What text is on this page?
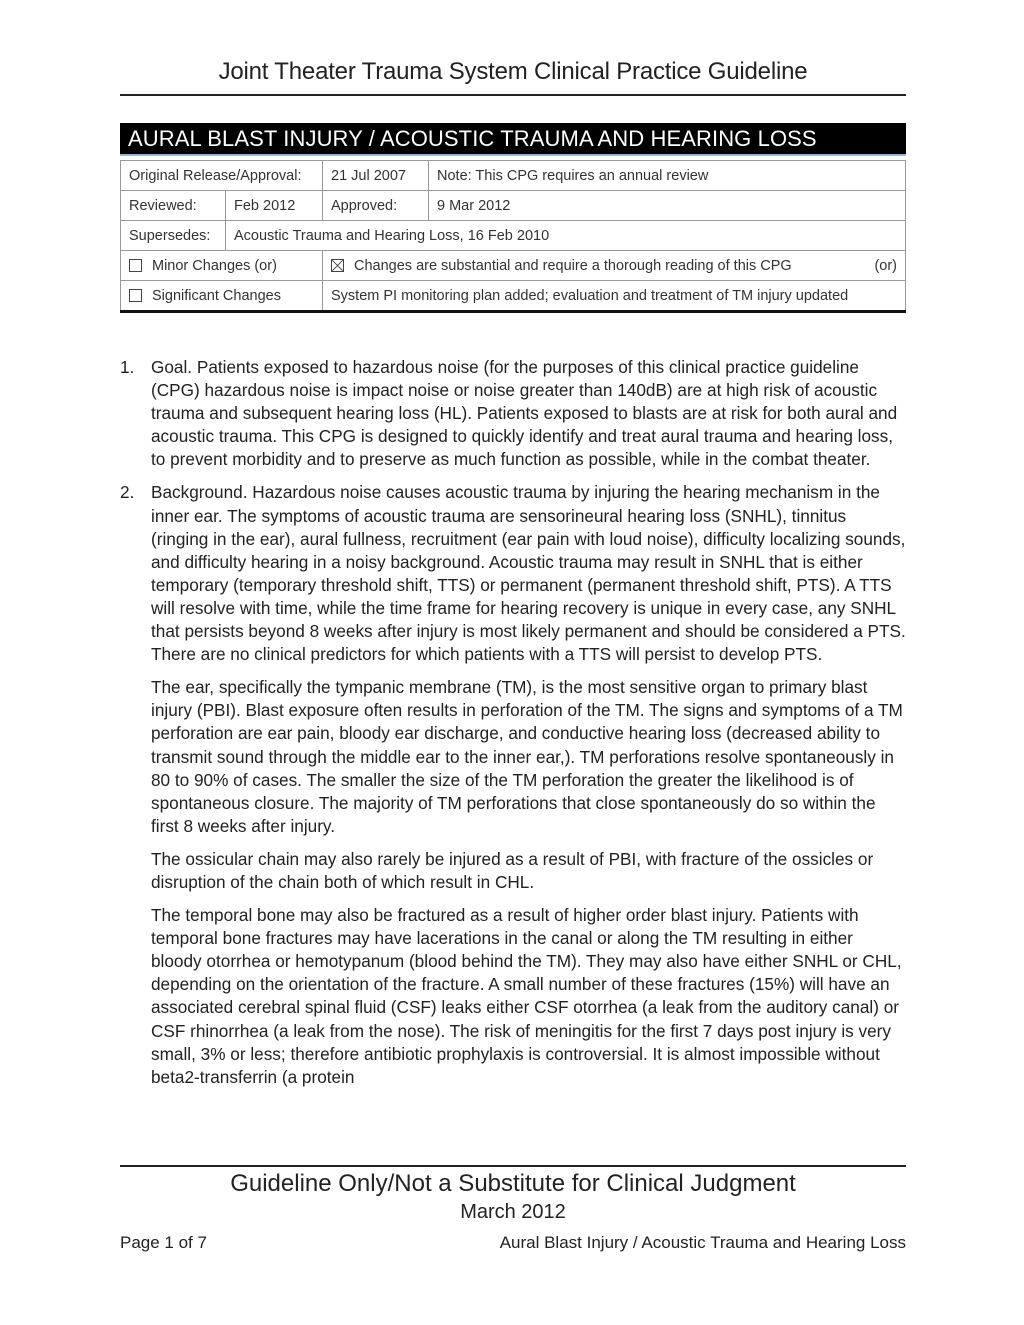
Joint Theater Trauma System Clinical Practice Guideline
AURAL BLAST INJURY / ACOUSTIC TRAUMA AND HEARING LOSS
Original Release/Approval:		21 Jul 2007	Note: This CPG requires an annual review
Reviewed:	Feb 2012	Approved:	9 Mar 2012
Supersedes:	Acoustic Trauma and Hearing Loss, 16 Feb 2010		
Minor Changes (or)		Changes are substantial and require a thorough reading of this CPG (or)	

Significant Changes		System PI monitoring plan added; evaluation and treatment of TM injury updated	
1. Goal. Patients exposed to hazardous noise (for the purposes of this clinical practice guideline (CPG) hazardous noise is impact noise or noise greater than 140dB) are at high risk of acoustic trauma and subsequent hearing loss (HL). Patients exposed to blasts are at risk for both aural and acoustic trauma. This CPG is designed to quickly identify and treat aural trauma and hearing loss, to prevent morbidity and to preserve as much function as possible, while in the combat theater.
2. Background. Hazardous noise causes acoustic trauma by injuring the hearing mechanism in the inner ear. The symptoms of acoustic trauma are sensorineural hearing loss (SNHL), tinnitus (ringing in the ear), aural fullness, recruitment (ear pain with loud noise), difficulty localizing sounds, and difficulty hearing in a noisy background. Acoustic trauma may result in SNHL that is either temporary (temporary threshold shift, TTS) or permanent (permanent threshold shift, PTS). A TTS will resolve with time, while the time frame for hearing recovery is unique in every case, any SNHL that persists beyond 8 weeks after injury is most likely permanent and should be considered a PTS. There are no clinical predictors for which patients with a TTS will persist to develop PTS.

The ear, specifically the tympanic membrane (TM), is the most sensitive organ to primary blast injury (PBI). Blast exposure often results in perforation of the TM. The signs and symptoms of a TM perforation are ear pain, bloody ear discharge, and conductive hearing loss (decreased ability to transmit sound through the middle ear to the inner ear,). TM perforations resolve spontaneously in 80 to 90% of cases. The smaller the size of the TM perforation the greater the likelihood is of spontaneous closure. The majority of TM perforations that close spontaneously do so within the first 8 weeks after injury.

The ossicular chain may also rarely be injured as a result of PBI, with fracture of the ossicles or disruption of the chain both of which result in CHL.

The temporal bone may also be fractured as a result of higher order blast injury. Patients with temporal bone fractures may have lacerations in the canal or along the TM resulting in either bloody otorrhea or hemotypanum (blood behind the TM). They may also have either SNHL or CHL, depending on the orientation of the fracture. A small number of these fractures (15%) will have an associated cerebral spinal fluid (CSF) leaks either CSF otorrhea (a leak from the auditory canal) or CSF rhinorrhea (a leak from the nose). The risk of meningitis for the first 7 days post injury is very small, 3% or less; therefore antibiotic prophylaxis is controversial. It is almost impossible without beta2-transferrin (a protein

Guideline Only/Not a Substitute for Clinical Judgment
March 2012
Page 1 of 7	Aural Blast Injury / Acoustic Trauma and Hearing Loss
